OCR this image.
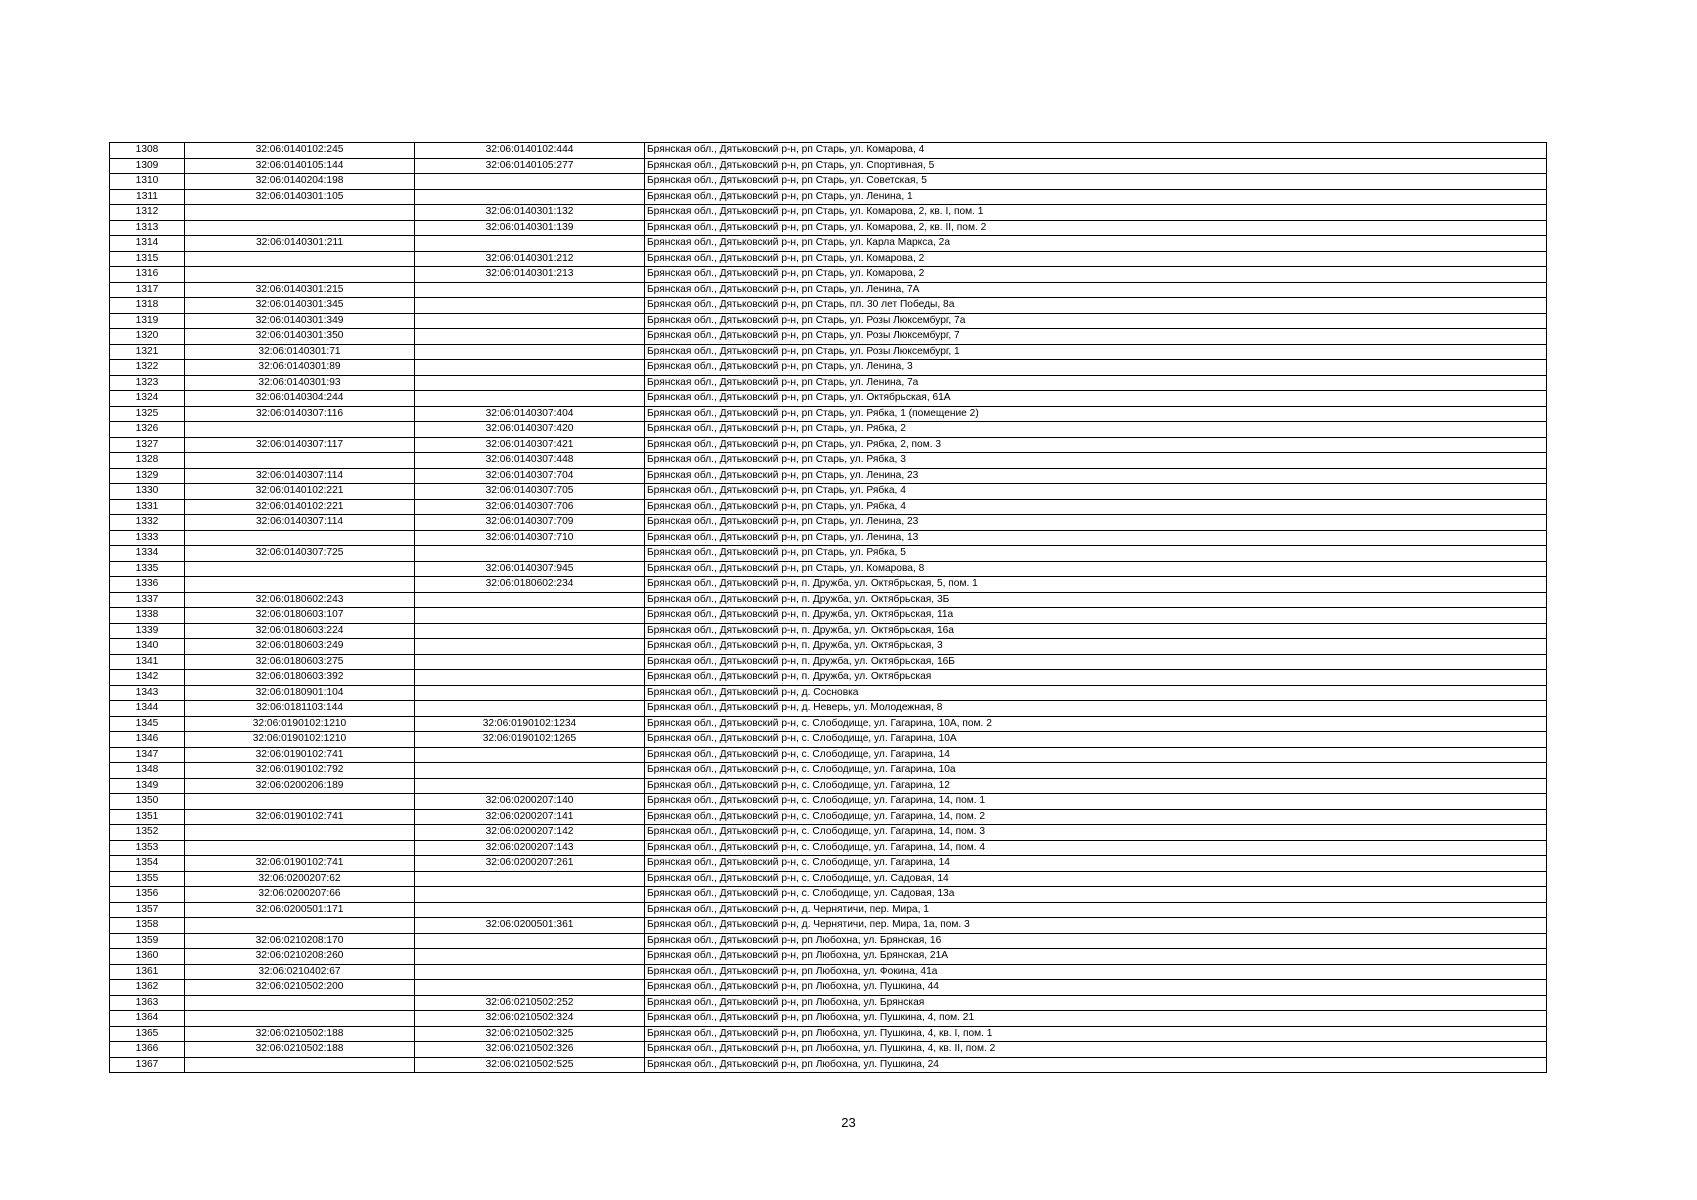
1308	32:06:0140102:245	32:06:0140102:444	Брянская обл., Дятьковский р-н, рп Старь, ул. Комарова, 4
1309	32:06:0140105:144	32:06:0140105:277	Брянская обл., Дятьковский р-н, рп Старь, ул. Спортивная, 5
1310	32:06:0140204:198		Брянская обл., Дятьковский р-н, рп Старь, ул. Советская, 5
1311	32:06:0140301:105		Брянская обл., Дятьковский р-н, рп Старь, ул. Ленина, 1
1312		32:06:0140301:132	Брянская обл., Дятьковский р-н, рп Старь, ул. Комарова, 2, кв. I, пом. 1
1313		32:06:0140301:139	Брянская обл., Дятьковский р-н, рп Старь, ул. Комарова, 2, кв. II, пом. 2
1314	32:06:0140301:211		Брянская обл., Дятьковский р-н, рп Старь, ул. Карла Маркса, 2а
1315		32:06:0140301:212	Брянская обл., Дятьковский р-н, рп Старь, ул. Комарова, 2
1316		32:06:0140301:213	Брянская обл., Дятьковский р-н, рп Старь, ул. Комарова, 2
1317	32:06:0140301:215		Брянская обл., Дятьковский р-н, рп Старь, ул. Ленина, 7А
1318	32:06:0140301:345		Брянская обл., Дятьковский р-н, рп Старь, пл. 30 лет Победы, 8а
1319	32:06:0140301:349		Брянская обл., Дятьковский р-н, рп Старь, ул. Розы Люксембург, 7а
1320	32:06:0140301:350		Брянская обл., Дятьковский р-н, рп Старь, ул. Розы Люксембург, 7
1321	32:06:0140301:71		Брянская обл., Дятьковский р-н, рп Старь, ул. Розы Люксембург, 1
1322	32:06:0140301:89		Брянская обл., Дятьковский р-н, рп Старь, ул. Ленина, 3
1323	32:06:0140301:93		Брянская обл., Дятьковский р-н, рп Старь, ул. Ленина, 7а
1324	32:06:0140304:244		Брянская обл., Дятьковский р-н, рп Старь, ул. Октябрьская, 61А
1325	32:06:0140307:116	32:06:0140307:404	Брянская обл., Дятьковский р-н, рп Старь, ул. Рябка, 1 (помещение 2)
1326		32:06:0140307:420	Брянская обл., Дятьковский р-н, рп Старь, ул. Рябка, 2
1327	32:06:0140307:117	32:06:0140307:421	Брянская обл., Дятьковский р-н, рп Старь, ул. Рябка, 2, пом. 3
1328		32:06:0140307:448	Брянская обл., Дятьковский р-н, рп Старь, ул. Рябка, 3
1329	32:06:0140307:114	32:06:0140307:704	Брянская обл., Дятьковский р-н, рп Старь, ул. Ленина, 23
1330	32:06:0140102:221	32:06:0140307:705	Брянская обл., Дятьковский р-н, рп Старь, ул. Рябка, 4
1331	32:06:0140102:221	32:06:0140307:706	Брянская обл., Дятьковский р-н, рп Старь, ул. Рябка, 4
1332	32:06:0140307:114	32:06:0140307:709	Брянская обл., Дятьковский р-н, рп Старь, ул. Ленина, 23
1333		32:06:0140307:710	Брянская обл., Дятьковский р-н, рп Старь, ул. Ленина, 13
1334	32:06:0140307:725		Брянская обл., Дятьковский р-н, рп Старь, ул. Рябка, 5
1335		32:06:0140307:945	Брянская обл., Дятьковский р-н, рп Старь, ул. Комарова, 8
1336		32:06:0180602:234	Брянская обл., Дятьковский р-н, п. Дружба, ул. Октябрьская, 5, пом. 1
1337	32:06:0180602:243		Брянская обл., Дятьковский р-н, п. Дружба, ул. Октябрьская, 3Б
1338	32:06:0180603:107		Брянская обл., Дятьковский р-н, п. Дружба, ул. Октябрьская, 11а
1339	32:06:0180603:224		Брянская обл., Дятьковский р-н, п. Дружба, ул. Октябрьская, 16а
1340	32:06:0180603:249		Брянская обл., Дятьковский р-н, п. Дружба, ул. Октябрьская, 3
1341	32:06:0180603:275		Брянская обл., Дятьковский р-н, п. Дружба, ул. Октябрьская, 16Б
1342	32:06:0180603:392		Брянская обл., Дятьковский р-н, п. Дружба, ул. Октябрьская
1343	32:06:0180901:104		Брянская обл., Дятьковский р-н, д. Сосновка
1344	32:06:0181103:144		Брянская обл., Дятьковский р-н, д. Неверь, ул. Молодежная, 8
1345	32:06:0190102:1210	32:06:0190102:1234	Брянская обл., Дятьковский р-н, с. Слободище, ул. Гагарина, 10А, пом. 2
1346	32:06:0190102:1210	32:06:0190102:1265	Брянская обл., Дятьковский р-н, с. Слободище, ул. Гагарина, 10А
1347	32:06:0190102:741		Брянская обл., Дятьковский р-н, с. Слободище, ул. Гагарина, 14
1348	32:06:0190102:792		Брянская обл., Дятьковский р-н, с. Слободище, ул. Гагарина, 10а
1349	32:06:0200206:189		Брянская обл., Дятьковский р-н, с. Слободище, ул. Гагарина, 12
1350		32:06:0200207:140	Брянская обл., Дятьковский р-н, с. Слободище, ул. Гагарина, 14, пом. 1
1351	32:06:0190102:741	32:06:0200207:141	Брянская обл., Дятьковский р-н, с. Слободище, ул. Гагарина, 14, пом. 2
1352		32:06:0200207:142	Брянская обл., Дятьковский р-н, с. Слободище, ул. Гагарина, 14, пом. 3
1353		32:06:0200207:143	Брянская обл., Дятьковский р-н, с. Слободище, ул. Гагарина, 14, пом. 4
1354	32:06:0190102:741	32:06:0200207:261	Брянская обл., Дятьковский р-н, с. Слободище, ул. Гагарина, 14
1355	32:06:0200207:62		Брянская обл., Дятьковский р-н, с. Слободище, ул. Садовая, 14
1356	32:06:0200207:66		Брянская обл., Дятьковский р-н, с. Слободище, ул. Садовая, 13а
1357	32:06:0200501:171		Брянская обл., Дятьковский р-н, д. Чернятичи, пер. Мира, 1
1358		32:06:0200501:361	Брянская обл., Дятьковский р-н, д. Чернятичи, пер. Мира, 1а, пом. 3
1359	32:06:0210208:170		Брянская обл., Дятьковский р-н, рп Любохна, ул. Брянская, 16
1360	32:06:0210208:260		Брянская обл., Дятьковский р-н, рп Любохна, ул. Брянская, 21А
1361	32:06:0210402:67		Брянская обл., Дятьковский р-н, рп Любохна, ул. Фокина, 41а
1362	32:06:0210502:200		Брянская обл., Дятьковский р-н, рп Любохна, ул. Пушкина, 44
1363		32:06:0210502:252	Брянская обл., Дятьковский р-н, рп Любохна, ул. Брянская
1364		32:06:0210502:324	Брянская обл., Дятьковский р-н, рп Любохна, ул. Пушкина, 4, пом. 21
1365	32:06:0210502:188	32:06:0210502:325	Брянская обл., Дятьковский р-н, рп Любохна, ул. Пушкина, 4, кв. I, пом. 1
1366	32:06:0210502:188	32:06:0210502:326	Брянская обл., Дятьковский р-н, рп Любохна, ул. Пушкина, 4, кв. II, пом. 2
1367		32:06:0210502:525	Брянская обл., Дятьковский р-н, рп Любохна, ул. Пушкина, 24
23
